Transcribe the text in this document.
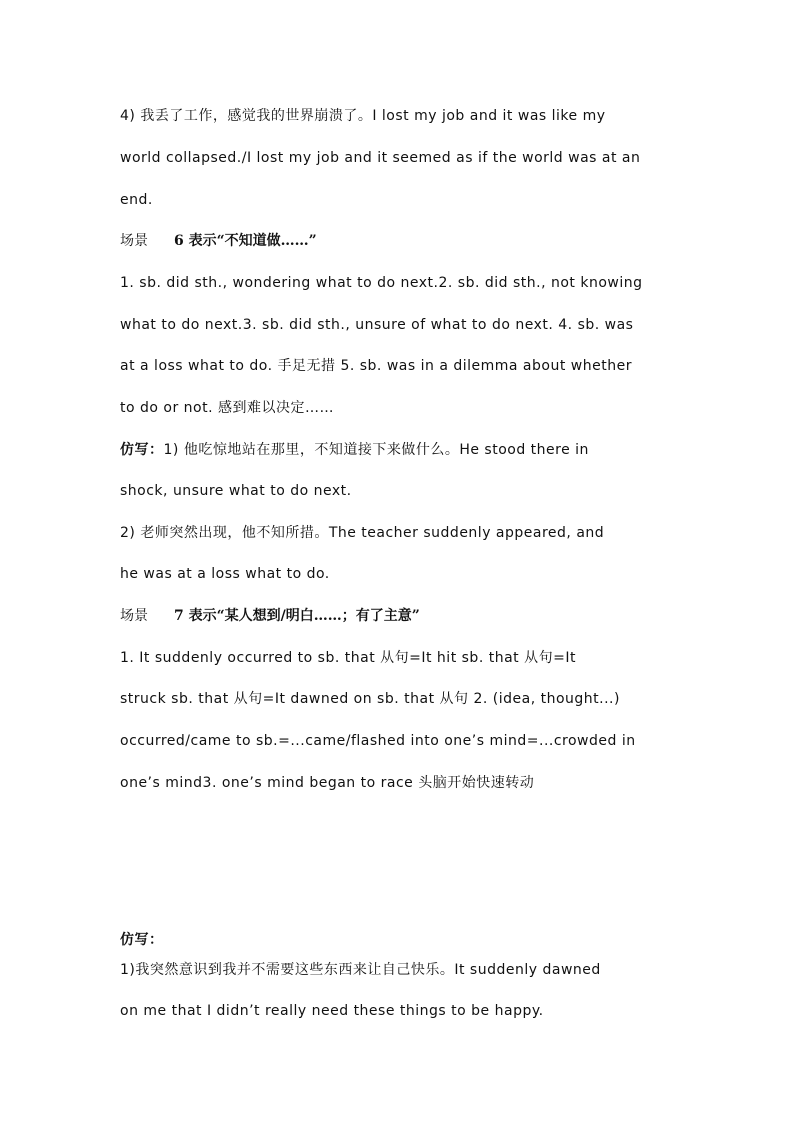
4) 我丢了工作，感觉我的世界崩溃了。I lost my job and it was like my
world collapsed./I lost my job and it seemed as if the world was at an
end.
场景 6 表示“不知道做……”
1. sb. did sth., wondering what to do next.2. sb. did sth., not knowing
what to do next.3. sb. did sth., unsure of what to do next. 4. sb. was
at a loss what to do. 手足无措 5. sb. was in a dilemma about whether
to do or not. 感到难以决定……
仿写：1) 他吃惊地站在那里，不知道接下来做什么。He stood there in
shock, unsure what to do next.
2) 老师突然出现，他不知所措。The teacher suddenly appeared, and
he was at a loss what to do.
场景 7 表示“某人想到/明白……；有了主意”
1. It suddenly occurred to sb. that 从句=It hit sb. that 从句=It
struck sb. that 从句=It dawned on sb. that 从句 2. (idea, thought...)
occurred/came to sb.=...came/flashed into one’s mind=...crowded in
one’s mind3. one’s mind began to race 头脑开始快速转动
仿写：
1)我突然意识到我并不需要这些东西来让自己快乐。It suddenly dawned
on me that I didn’t really need these things to be happy.
